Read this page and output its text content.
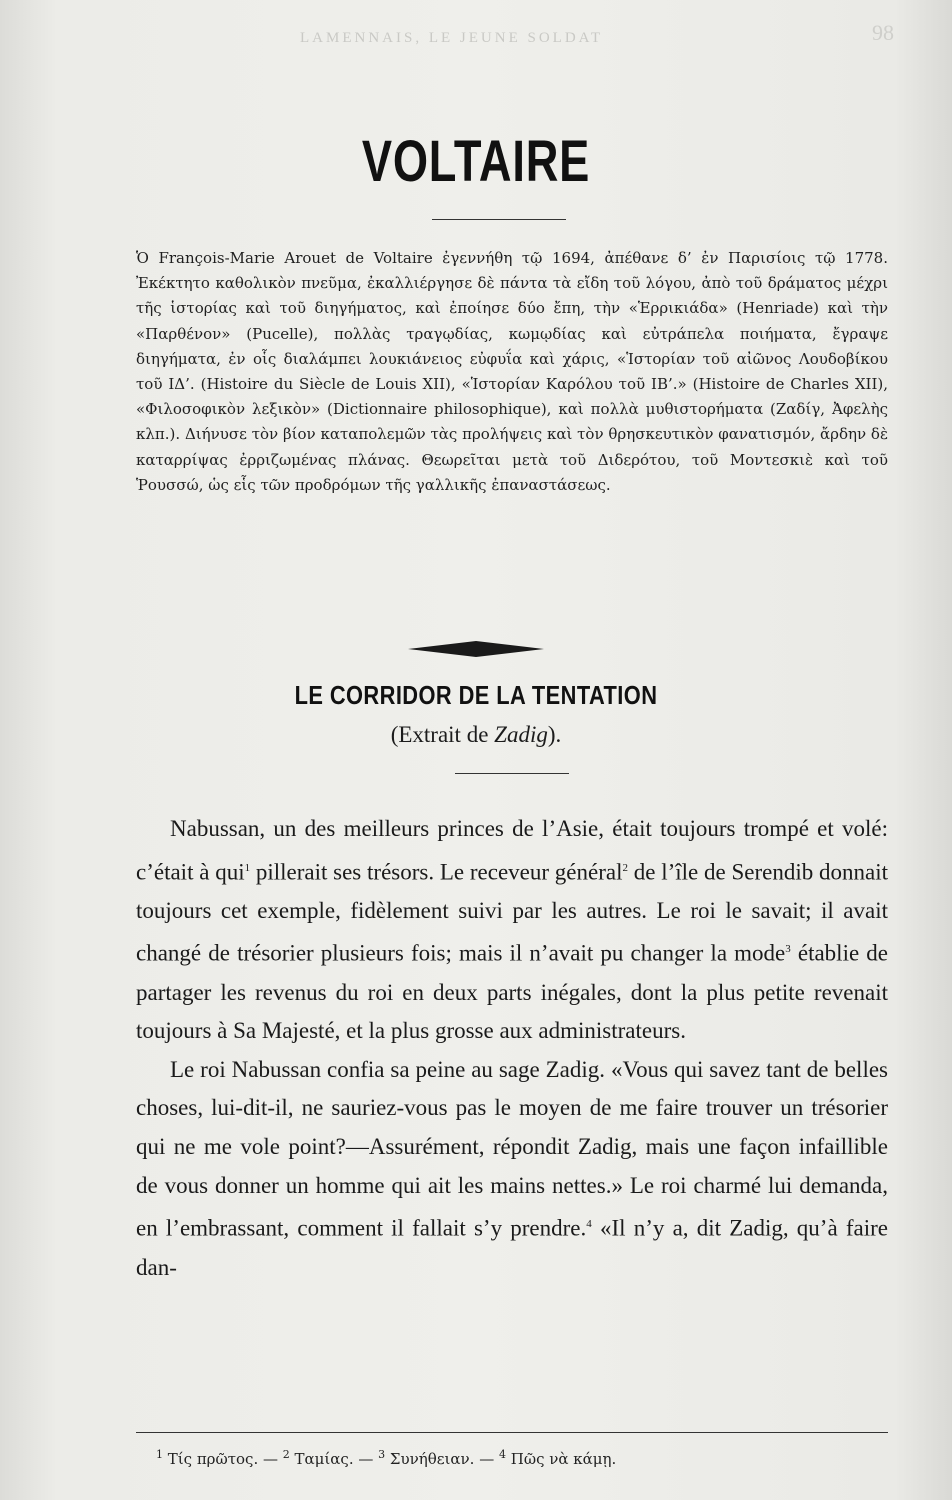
LAMENNAIS, LE JEUNE SOLDAT	98
VOLTAIRE
Ὁ François-Marie Arouet de Voltaire ἐγεννήθη τῷ 1694, ἀπέθανε δ’ ἐν Παρισίοις τῷ 1778. Ἐκέκτητο καθολικὸν πνεῦμα, ἐκαλλιέργησε δὲ πάντα τὰ εἴδη τοῦ λόγου, ἀπὸ τοῦ δράματος μέχρι τῆς ἱστορίας καὶ τοῦ διηγήματος, καὶ ἐποίησε δύο ἔπη, τὴν «Ἑρρικιάδα» (Henriade) καὶ τὴν «Παρθένον» (Pucelle), πολλὰς τραγῳδίας, κωμῳδίας καὶ εὐτράπελα ποιήματα, ἔγραψε διηγήματα, ἐν οἷς διαλάμπει λουκιάνειος εὐφυΐα καὶ χάρις, «Ἱστορίαν τοῦ αἰῶνος Λουδοβίκου τοῦ ΙΔ’. (Histoire du Siècle de Louis XII), «Ἱστορίαν Καρόλου τοῦ ΙΒ’.» (Histoire de Charles XII), «Φιλοσοφικὸν λεξικὸν» (Dictionnaire philosophique), καὶ πολλὰ μυθιστορήματα (Ζαδίγ, Ἀφελὴς κλπ.). Διήνυσε τὸν βίον καταπολεμῶν τὰς προλήψεις καὶ τὸν θρησκευτικὸν φανατισμόν, ἄρδην δὲ καταρρίψας ἐρριζωμένας πλάνας. Θεωρεῖται μετὰ τοῦ Διδερότου, τοῦ Μοντεσκιὲ καὶ τοῦ Ῥουσσώ, ὡς εἷς τῶν προδρόμων τῆς γαλλικῆς ἐπαναστάσεως.
LE CORRIDOR DE LA TENTATION
(Extrait de Zadig).

Nabussan, un des meilleurs princes de l’Asie, était toujours trompé et volé: c’était à qui$^1$ pillerait ses trésors. Le receveur général$^2$ de l’île de Serendib donnait toujours cet exemple, fidèlement suivi par les autres. Le roi le savait; il avait changé de trésorier plusieurs fois; mais il n’avait pu changer la mode$^3$ établie de partager les revenus du roi en deux parts inégales, dont la plus petite revenait toujours à Sa Majesté, et la plus grosse aux administrateurs.

Le roi Nabussan confia sa peine au sage Zadig. «Vous qui savez tant de belles choses, lui-dit-il, ne sauriez-vous pas le moyen de me faire trouver un trésorier qui ne me vole point?—Assurément, répondit Zadig, mais une façon infaillible de vous donner un homme qui ait les mains nettes.» Le roi charmé lui demanda, en l’embrassant, comment il fallait s’y prendre.$^4$ «Il n’y a, dit Zadig, qu’à faire dan-

$^1$ Τίς πρῶτος. — $^2$ Ταμίας. — $^3$ Συνήθειαν. — $^4$ Πῶς νὰ κάμῃ.
